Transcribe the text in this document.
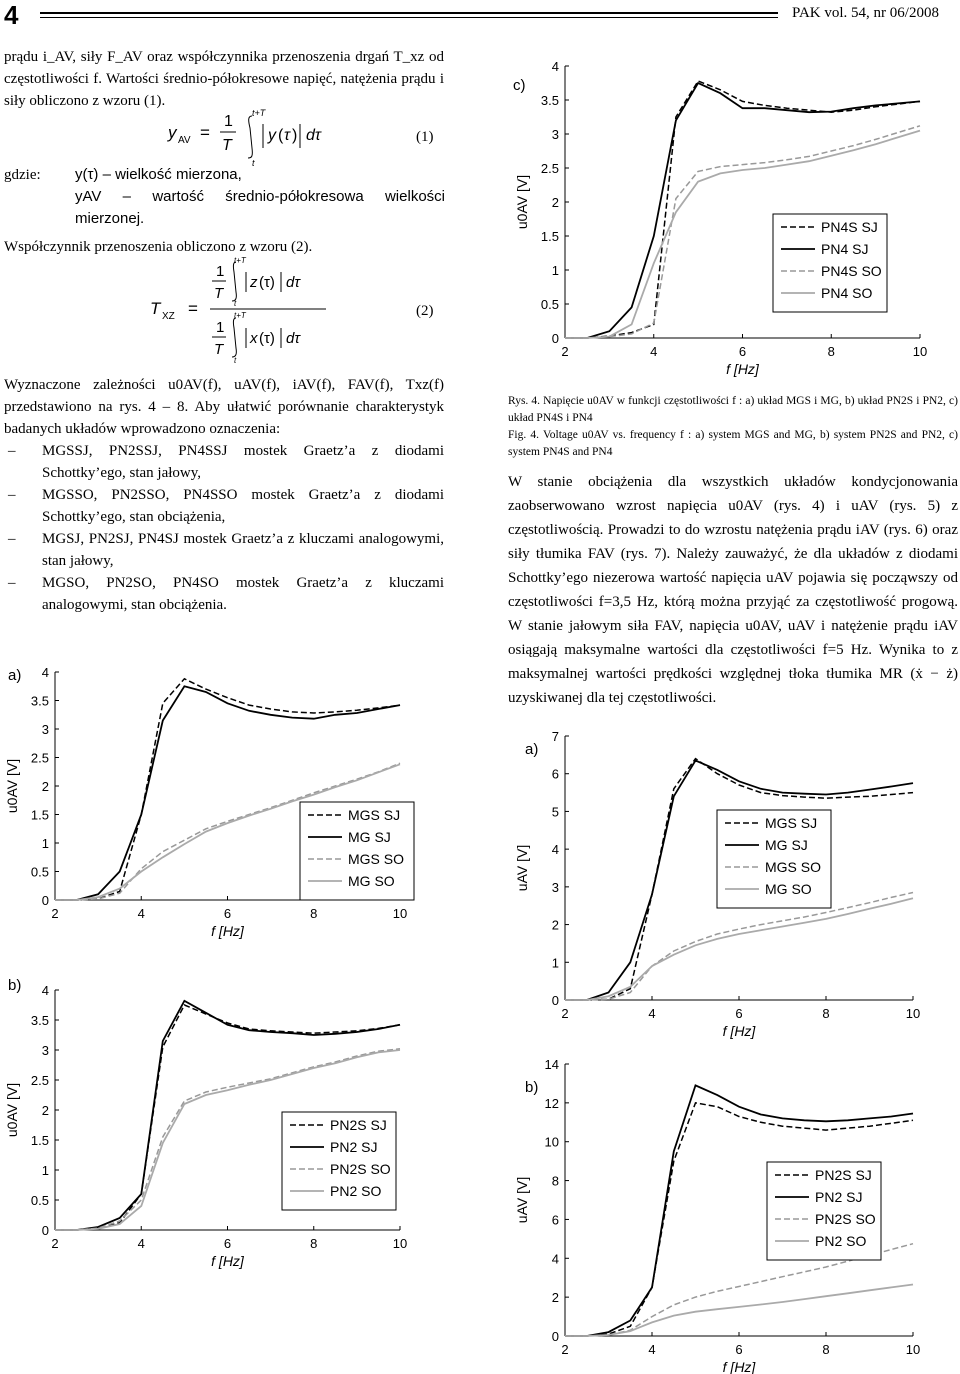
4	PAK vol. 54, nr 06/2008
prądu i_AV, siły F_AV oraz współczynnika przenoszenia drgań T_xz od częstotliwości f. Wartości średnio-półokresowe napięć, natężenia prądu i siły obliczono z wzoru (1).
y AV =
1
T
t+T
t
y ( τ ) dτ	(1)
gdzie: y(τ) – wielkość mierzona,
yAV – wartość średnio-półokresowa wielkości mierzonej.
Współczynnik przenoszenia obliczono z wzoru (2).
T XZ =
1
T
t+T
t
z (τ) dτ
1
T
t+T
t
x (τ) dτ
(2)
Wyznaczone zależności u0AV(f), uAV(f), iAV(f), FAV(f), Txz(f) przedstawiono na rys. 4 – 8. Aby ułatwić porównanie charakterystyk badanych układów wprowadzono oznaczenia:
– MGSSJ, PN2SSJ, PN4SSJ mostek Graetz’a z diodami Schottky’ego, stan jałowy,
– MGSSO, PN2SSO, PN4SSO mostek Graetz’a z diodami Schottky’ego, stan obciążenia,
– MGSJ, PN2SJ, PN4SJ mostek Graetz’a z kluczami analogowymi, stan jałowy,
– MGSO, PN2SO, PN4SO mostek Graetz’a z kluczami analogowymi, stan obciążenia.
a)
0
0.5
1
1.5
2
2.5
3
3.5
4
2	4	6	8	10
f [Hz]
u0AV [V]
MGS SJ
MG SJ
MGS SO
MG SO
b)
0
0.5
1
1.5
2
2.5
3
3.5
4
2	4	6	8	10
f [Hz]
u0AV [V]	PN2S SJ
PN2 SJ
PN2S SO
PN2 SO
c)
0
0.5
1
1.5
2
2.5
3
3.5
4
2	4	6	8	10
f [Hz]
u0AV [V]	PN4S SJ
PN4 SJ
PN4S SO
PN4 SO
a)
0
1
2
3
4
5
6
7
2	4	6	8	10
f [Hz]
uAV [V]
MGS SJ
MG SJ
MGS SO
MG SO
b)
0
2
4
6
8
10
12
14
2	4	6	8	10
f [Hz]
uAV [V]
PN2S SJ
PN2 SJ
PN2S SO
PN2 SO
Rys. 4. Napięcie u0AV w funkcji częstotliwości f : a) układ MGS i MG, b) układ PN2S i PN2, c) układ PN4S i PN4
Fig. 4. Voltage u0AV vs. frequency f : a) system MGS and MG, b) system PN2S and PN2, c) system PN4S and PN4
W stanie obciążenia dla wszystkich układów kondycjonowania zaobserwowano wzrost napięcia u0AV (rys. 4) i uAV (rys. 5) z częstotliwością. Prowadzi to do wzrostu natężenia prądu iAV (rys. 6) oraz siły tłumika FAV (rys. 7). Należy zauważyć, że dla układów z diodami Schottky’ego niezerowa wartość napięcia uAV pojawia się począwszy od częstotliwości f=3,5 Hz, którą można przyjąć za częstotliwość progową. W stanie jałowym siła FAV, napięcia u0AV, uAV i natężenie prądu iAV osiągają maksymalne wartości dla częstotliwości f=5 Hz. Wynika to z maksymalnej wartości prędkości względnej tłoka tłumika MR (ẋ − ż) uzyskiwanej dla tej częstotliwości.
